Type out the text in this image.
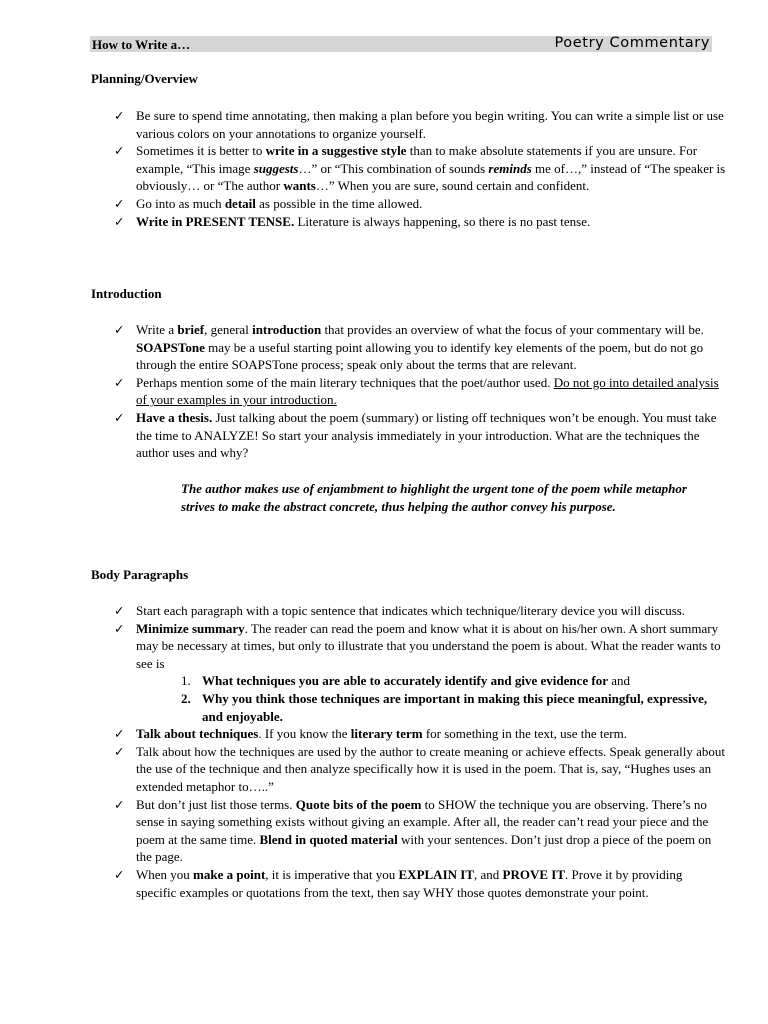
How to Write a…	Poetry Commentary
Planning/Overview
✓ Be sure to spend time annotating, then making a plan before you begin writing. You can write a simple list or use various colors on your annotations to organize yourself.
✓ Sometimes it is better to write in a suggestive style than to make absolute statements if you are unsure. For example, “This image suggests…” or “This combination of sounds reminds me of…,” instead of “The speaker is obviously… or “The author wants…” When you are sure, sound certain and confident.
✓ Go into as much detail as possible in the time allowed.
✓ Write in PRESENT TENSE. Literature is always happening, so there is no past tense.
Introduction
✓ Write a brief, general introduction that provides an overview of what the focus of your commentary will be. SOAPSTone may be a useful starting point allowing you to identify key elements of the poem, but do not go through the entire SOAPSTone process; speak only about the terms that are relevant.
✓ Perhaps mention some of the main literary techniques that the poet/author used. Do not go into detailed analysis of your examples in your introduction.
✓ Have a thesis. Just talking about the poem (summary) or listing off techniques won’t be enough. You must take the time to ANALYZE! So start your analysis immediately in your introduction. What are the techniques the author uses and why?
The author makes use of enjambment to highlight the urgent tone of the poem while metaphor strives to make the abstract concrete, thus helping the author convey his purpose.
Body Paragraphs
✓ Start each paragraph with a topic sentence that indicates which technique/literary device you will discuss.
✓ Minimize summary. The reader can read the poem and know what it is about on his/her own. A short summary may be necessary at times, but only to illustrate that you understand the poem is about. What the reader wants to see is
1. What techniques you are able to accurately identify and give evidence for and
2. Why you think those techniques are important in making this piece meaningful, expressive, and enjoyable.
✓ Talk about techniques. If you know the literary term for something in the text, use the term.
✓ Talk about how the techniques are used by the author to create meaning or achieve effects. Speak generally about the use of the technique and then analyze specifically how it is used in the poem. That is, say, “Hughes uses an extended metaphor to…..”
✓ But don’t just list those terms. Quote bits of the poem to SHOW the technique you are observing. There’s no sense in saying something exists without giving an example. After all, the reader can’t read your piece and the poem at the same time. Blend in quoted material with your sentences. Don’t just drop a piece of the poem on the page.
✓ When you make a point, it is imperative that you EXPLAIN IT, and PROVE IT. Prove it by providing specific examples or quotations from the text, then say WHY those quotes demonstrate your point.
